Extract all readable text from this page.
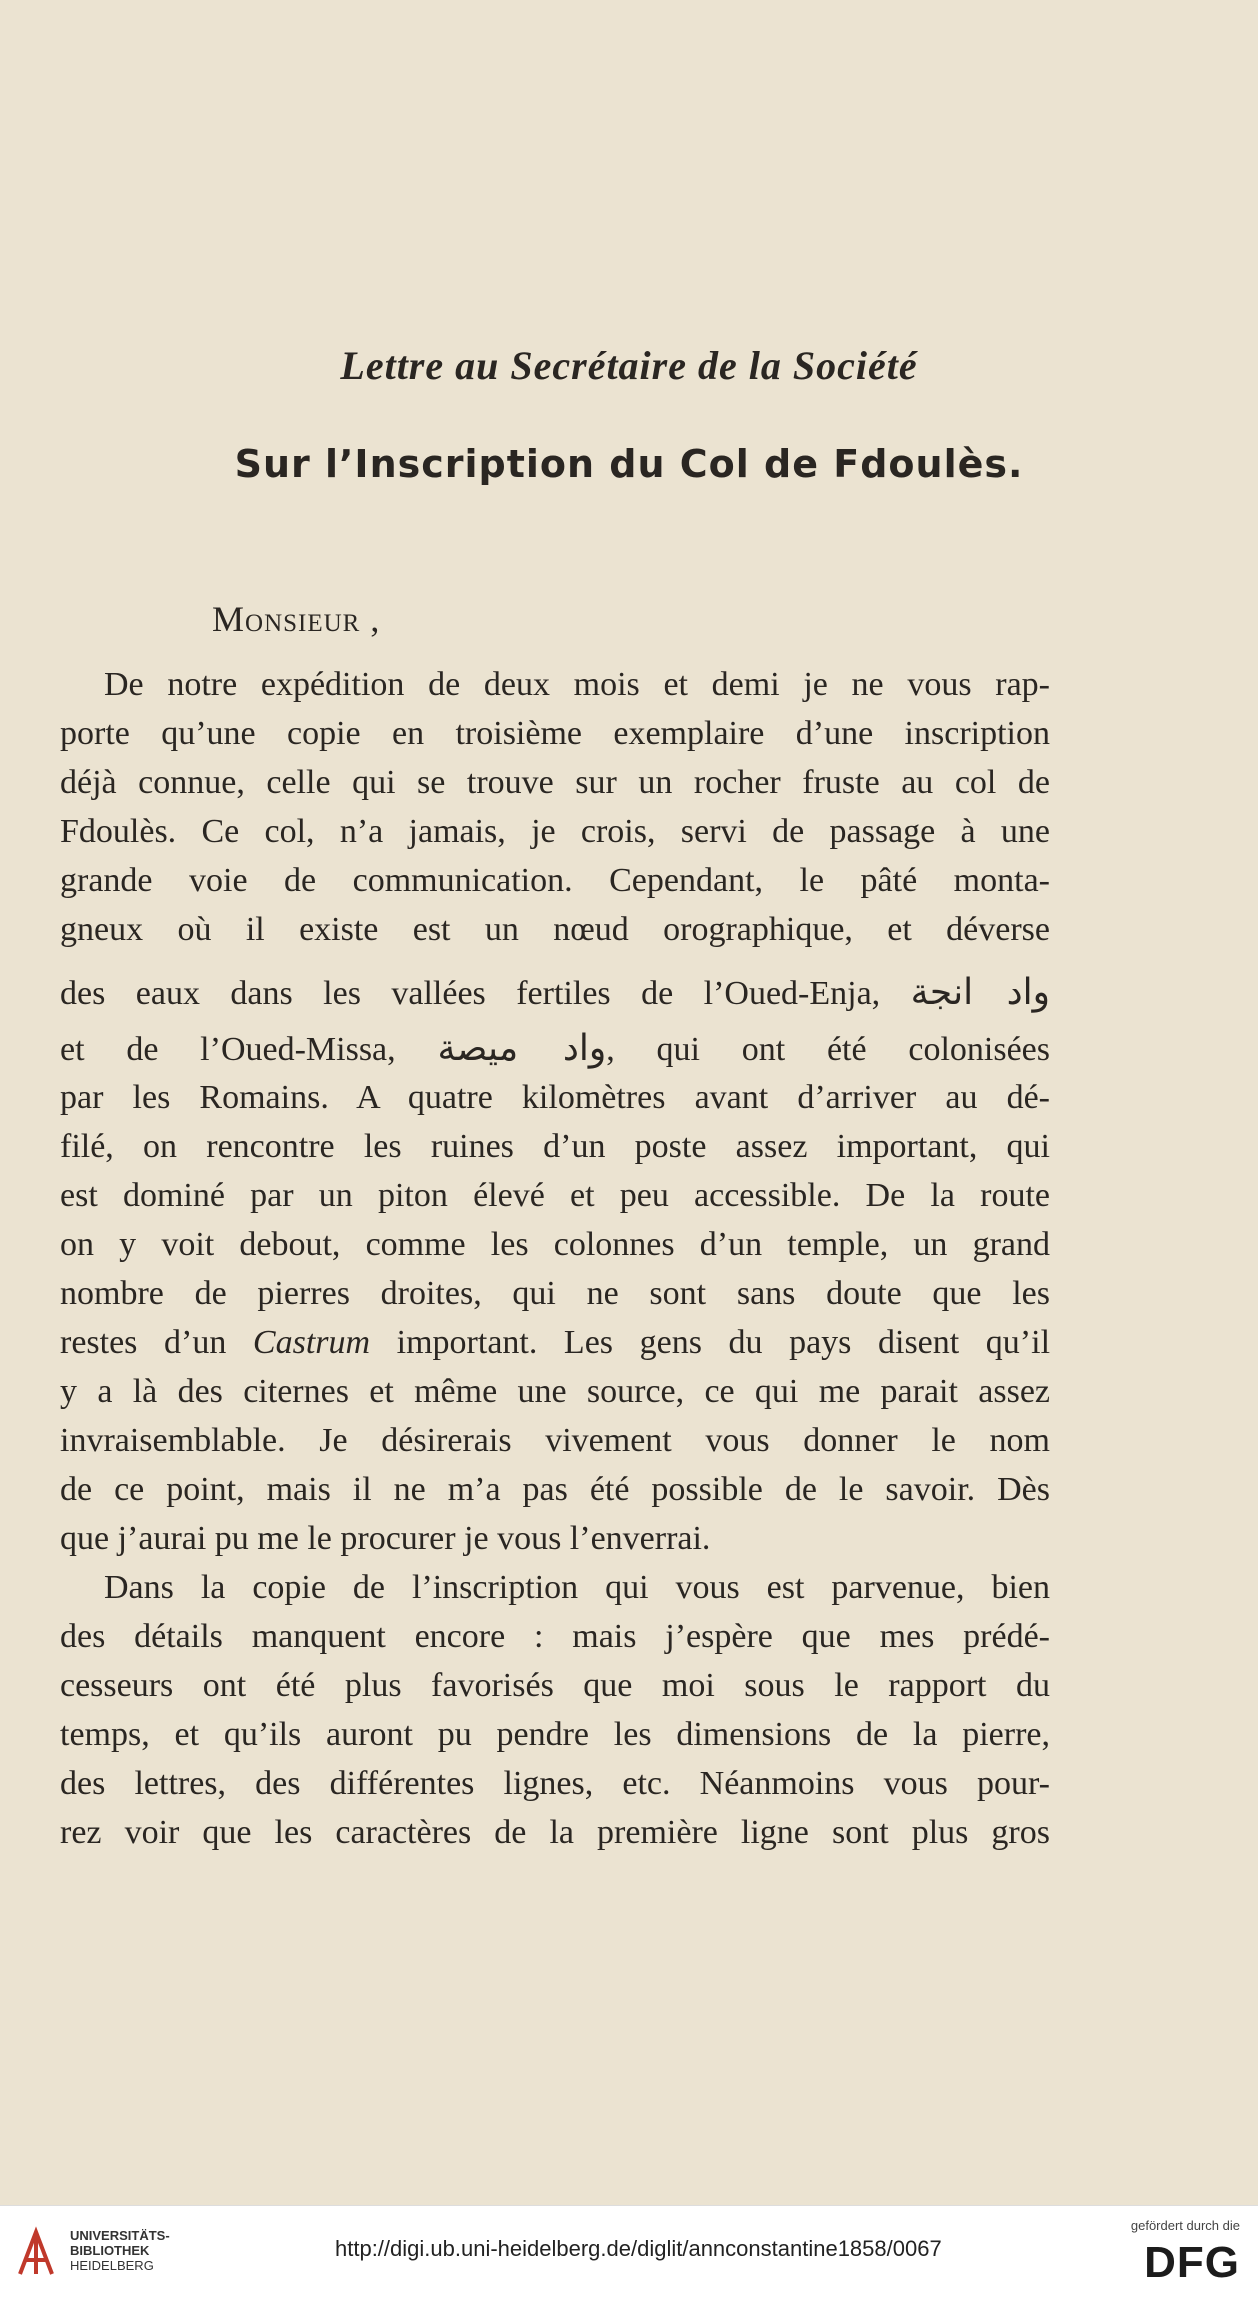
Lettre au Secrétaire de la Société
Sur l’Inscription du Col de Fdoulès.
Monsieur ,
De notre expédition de deux mois et demi je ne vous rap-
porte qu’une copie en troisième exemplaire d’une inscription
déjà connue, celle qui se trouve sur un rocher fruste au col de
Fdoulès. Ce col, n’a jamais, je crois, servi de passage à une
grande voie de communication. Cependant, le pâté monta-
gneux où il existe est un nœud orographique, et déverse
des eaux dans les vallées fertiles de l’Oued-Enja, واد انجة
et de l’Oued-Missa, واد ميصة, qui ont été colonisées
par les Romains. A quatre kilomètres avant d’arriver au dé-
filé, on rencontre les ruines d’un poste assez important, qui
est dominé par un piton élevé et peu accessible. De la route
on y voit debout, comme les colonnes d’un temple, un grand
nombre de pierres droites, qui ne sont sans doute que les
restes d’un Castrum important. Les gens du pays disent qu’il
y a là des citernes et même une source, ce qui me parait assez
invraisemblable. Je désirerais vivement vous donner le nom
de ce point, mais il ne m’a pas été possible de le savoir. Dès
que j’aurai pu me le procurer je vous l’enverrai.
Dans la copie de l’inscription qui vous est parvenue, bien
des détails manquent encore : mais j’espère que mes prédé-
cesseurs ont été plus favorisés que moi sous le rapport du
temps, et qu’ils auront pu pendre les dimensions de la pierre,
des lettres, des différentes lignes, etc. Néanmoins vous pour-
rez voir que les caractères de la première ligne sont plus gros
UNIVERSITÄTS-
BIBLIOTHEK
HEIDELBERG
http://digi.ub.uni-heidelberg.de/diglit/annconstantine1858/0067
gefördert durch die
DFG
